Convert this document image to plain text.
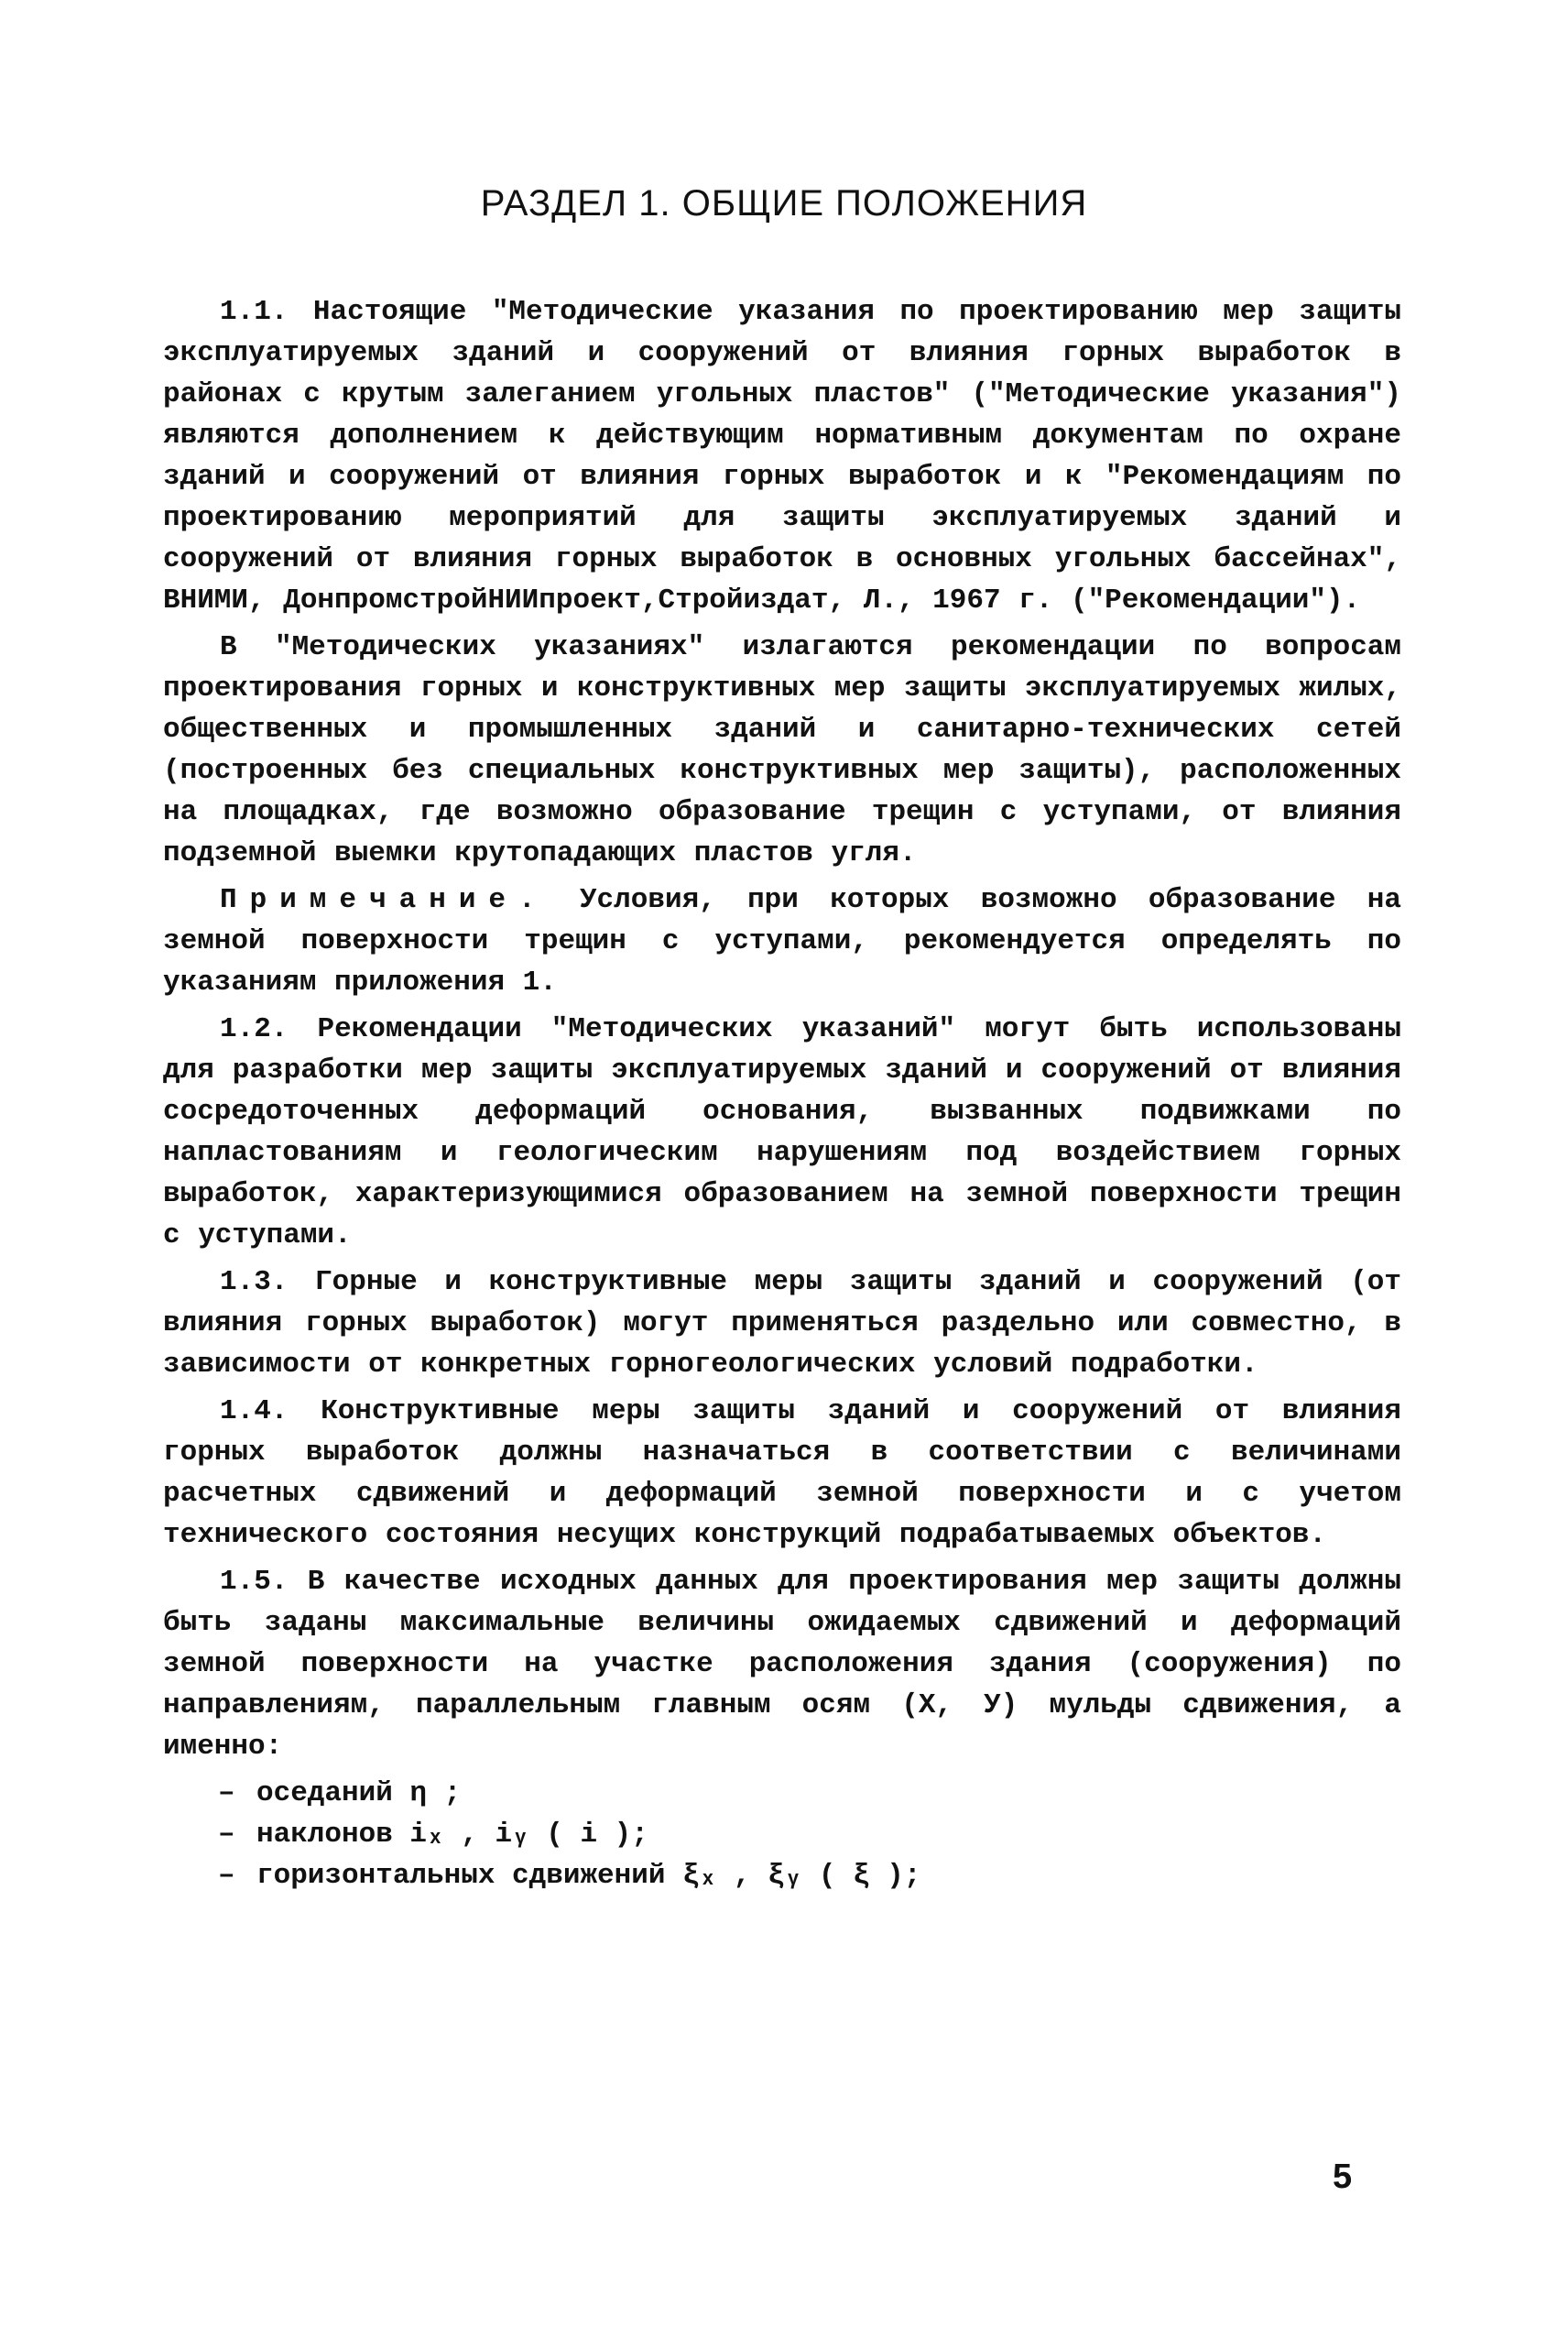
РАЗДЕЛ 1. ОБЩИЕ ПОЛОЖЕНИЯ

1.1. Настоящие "Методические указания по проектированию мер защиты эксплуатируемых зданий и сооружений от влияния горных выработок в районах с крутым залеганием угольных пластов" ("Методические указания") являются дополнением к действующим нормативным документам по охране зданий и сооружений от влияния горных выработок и к "Рекомендациям по проектированию мероприятий для защиты эксплуатируемых зданий и сооружений от влияния горных выработок в основных угольных бассейнах", ВНИМИ, ДонпромстройНИИпроект,Стройиздат, Л., 1967 г. ("Рекомендации").

В "Методических указаниях" излагаются рекомендации по вопросам проектирования горных и конструктивных мер защиты эксплуатируемых жилых, общественных и промышленных зданий и санитарно-технических сетей (построенных без специальных конструктивных мер защиты), расположенных на площадках, где возможно образование трещин с уступами, от влияния подземной выемки крутопадающих пластов угля.

Примечание. Условия, при которых возможно образование на земной поверхности трещин с уступами, рекомендуется определять по указаниям приложения 1.

1.2. Рекомендации "Методических указаний" могут быть использованы для разработки мер защиты эксплуатируемых зданий и сооружений от влияния сосредоточенных деформаций основания, вызванных подвижками по напластованиям и геологическим нарушениям под воздействием горных выработок, характеризующимися образованием на земной поверхности трещин с уступами.

1.3. Горные и конструктивные меры защиты зданий и сооружений (от влияния горных выработок) могут применяться раздельно или совместно, в зависимости от конкретных горногеологических условий подработки.

1.4. Конструктивные меры защиты зданий и сооружений от влияния горных выработок должны назначаться в соответствии с величинами расчетных сдвижений и деформаций земной поверхности и с учетом технического состояния несущих конструкций подрабатываемых объектов.

1.5. В качестве исходных данных для проектирования мер защиты должны быть заданы максимальные величины ожидаемых сдвижений и деформаций земной поверхности на участке расположения здания (сооружения) по направлениям, параллельным главным осям (Х, У) мульды сдвижения, а именно:

– оседаний η ;
– наклонов iₓ , iᵧ ( i );
– горизонтальных сдвижений ξₓ , ξᵧ ( ξ );
5
